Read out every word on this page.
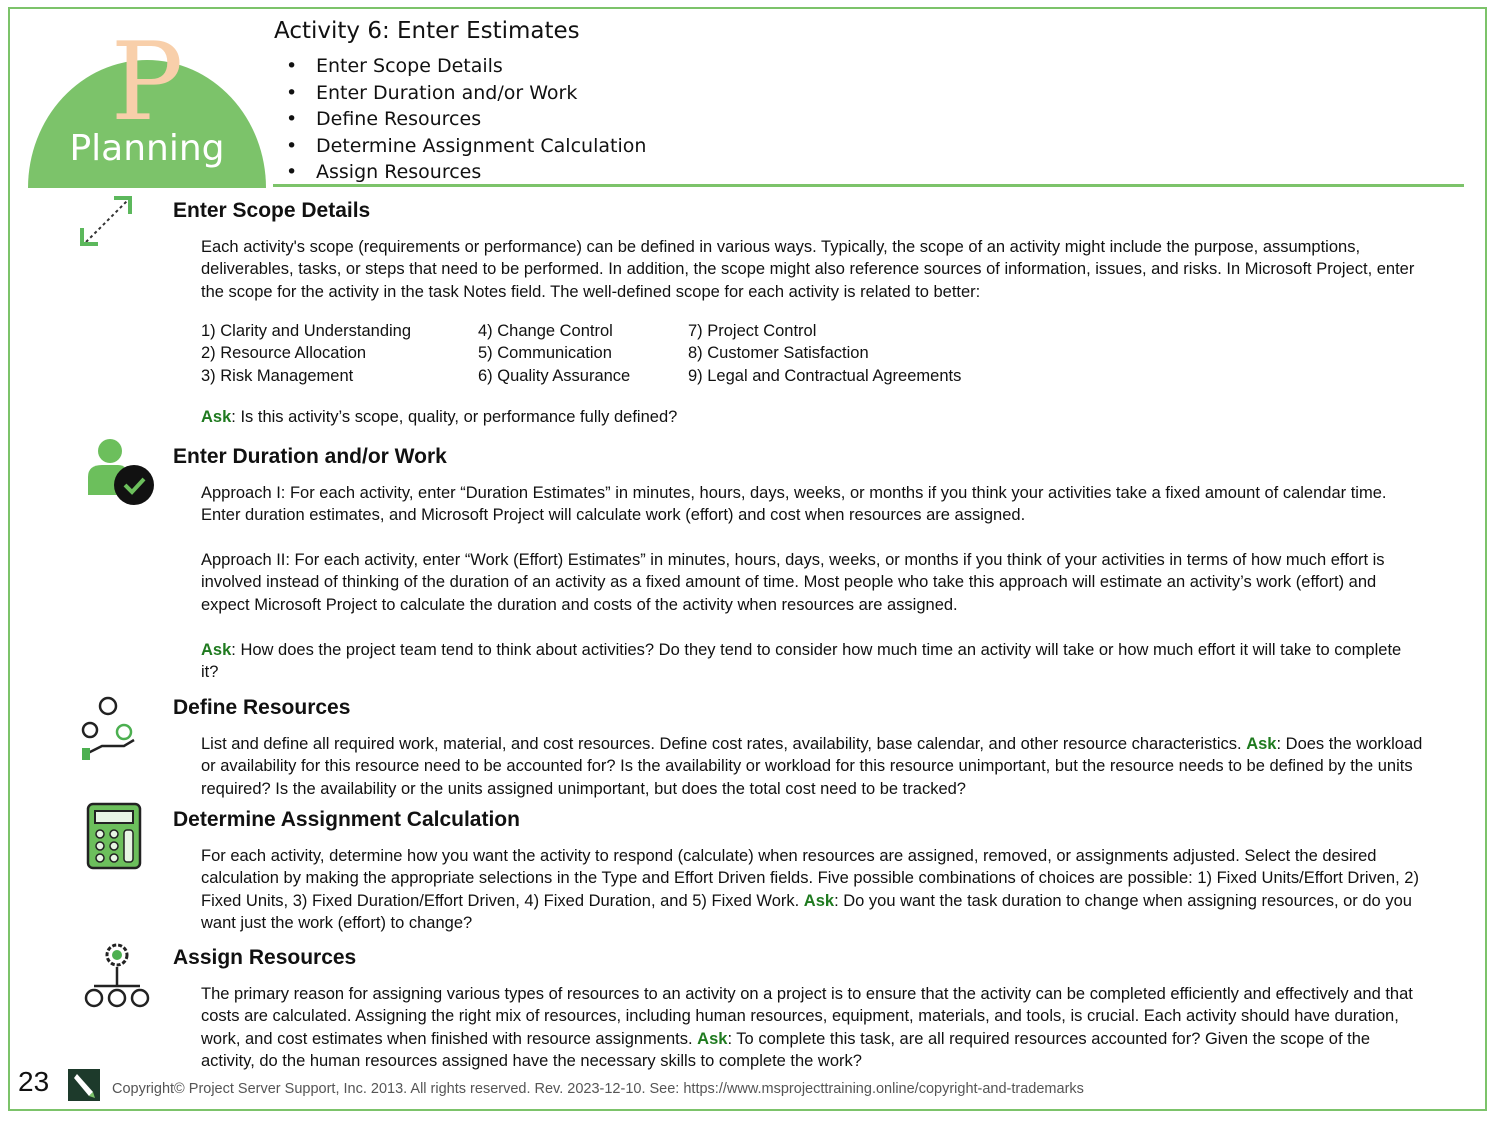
P
Planning
Activity 6: Enter Estimates
• Enter Scope Details
• Enter Duration and/or Work
• Define Resources
• Determine Assignment Calculation
• Assign Resources
Enter Scope Details

Each activity's scope (requirements or performance) can be defined in various ways. Typically, the scope of an activity might include the purpose, assumptions, deliverables, tasks, or steps that need to be performed. In addition, the scope might also reference sources of information, issues, and risks. In Microsoft Project, enter the scope for the activity in the task Notes field. The well-defined scope for each activity is related to better:

1) Clarity and Understanding
2) Resource Allocation
3) Risk Management
4) Change Control
5) Communication
6) Quality Assurance
7) Project Control
8) Customer Satisfaction
9) Legal and Contractual Agreements

Ask: Is this activity’s scope, quality, or performance fully defined?

Enter Duration and/or Work

Approach I: For each activity, enter “Duration Estimates” in minutes, hours, days, weeks, or months if you think your activities take a fixed amount of calendar time. Enter duration estimates, and Microsoft Project will calculate work (effort) and cost when resources are assigned.

Approach II: For each activity, enter “Work (Effort) Estimates” in minutes, hours, days, weeks, or months if you think of your activities in terms of how much effort is involved instead of thinking of the duration of an activity as a fixed amount of time. Most people who take this approach will estimate an activity’s work (effort) and expect Microsoft Project to calculate the duration and costs of the activity when resources are assigned.

Ask: How does the project team tend to think about activities? Do they tend to consider how much time an activity will take or how much effort it will take to complete it?

Define Resources

List and define all required work, material, and cost resources. Define cost rates, availability, base calendar, and other resource characteristics. Ask: Does the workload or availability for this resource need to be accounted for? Is the availability or workload for this resource unimportant, but the resource needs to be defined by the units required? Is the availability or the units assigned unimportant, but does the total cost need to be tracked?

Determine Assignment Calculation

For each activity, determine how you want the activity to respond (calculate) when resources are assigned, removed, or assignments adjusted. Select the desired calculation by making the appropriate selections in the Type and Effort Driven fields. Five possible combinations of choices are possible: 1) Fixed Units/Effort Driven, 2) Fixed Units, 3) Fixed Duration/Effort Driven, 4) Fixed Duration, and 5) Fixed Work. Ask: Do you want the task duration to change when assigning resources, or do you want just the work (effort) to change?

Assign Resources

The primary reason for assigning various types of resources to an activity on a project is to ensure that the activity can be completed efficiently and effectively and that costs are calculated. Assigning the right mix of resources, including human resources, equipment, materials, and tools, is crucial. Each activity should have duration, work, and cost estimates when finished with resource assignments. Ask: To complete this task, are all required resources accounted for? Given the scope of the activity, do the human resources assigned have the necessary skills to complete the work?

23	Copyright© Project Server Support, Inc. 2013. All rights reserved. Rev. 2023-12-10. See: https://www.msprojecttraining.online/copyright-and-trademarks
